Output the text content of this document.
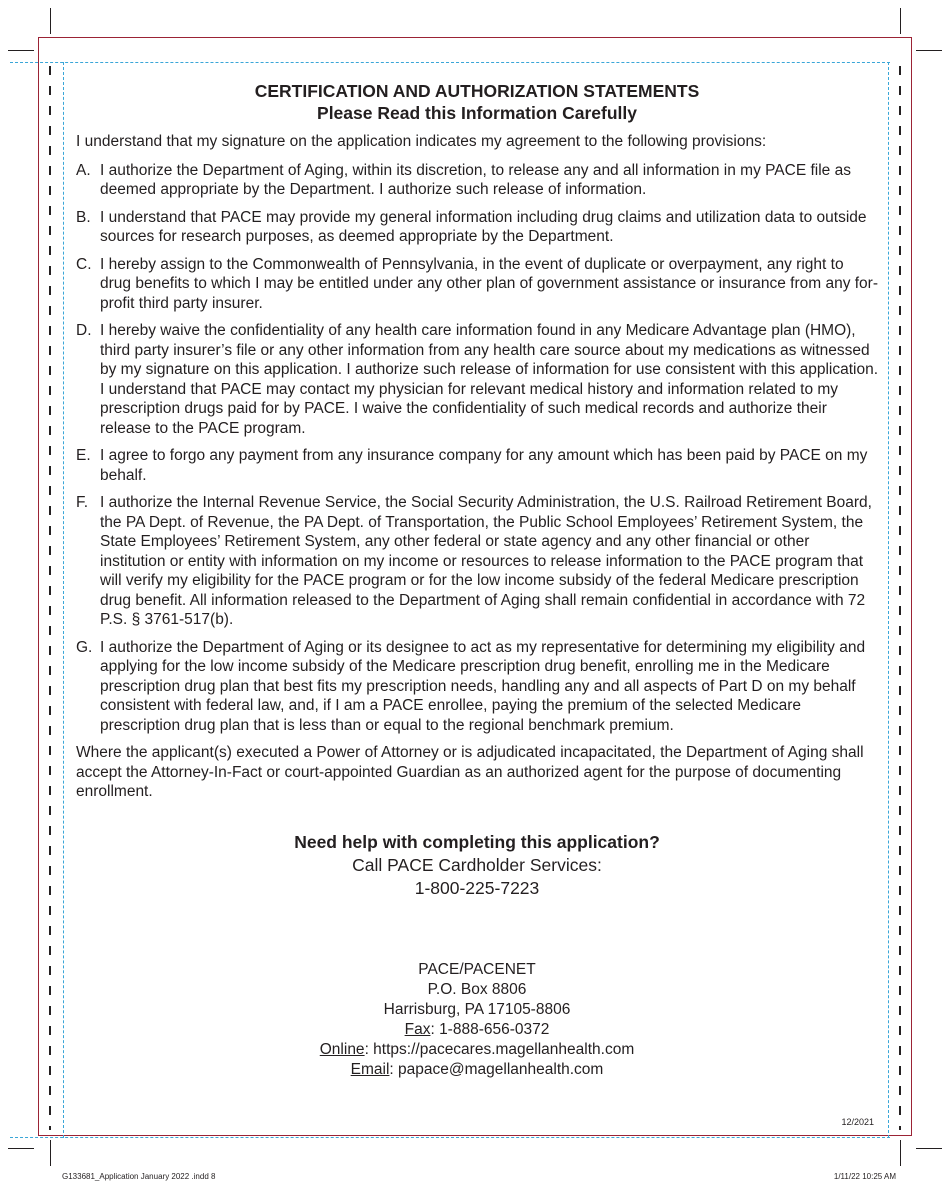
CERTIFICATION AND AUTHORIZATION STATEMENTS
Please Read this Information Carefully

I understand that my signature on the application indicates my agreement to the following provisions:

A. I authorize the Department of Aging, within its discretion, to release any and all information in my PACE file as deemed appropriate by the Department. I authorize such release of information.
B. I understand that PACE may provide my general information including drug claims and utilization data to outside sources for research purposes, as deemed appropriate by the Department.
C. I hereby assign to the Commonwealth of Pennsylvania, in the event of duplicate or overpayment, any right to drug benefits to which I may be entitled under any other plan of government assistance or insurance from any for-profit third party insurer.
D. I hereby waive the confidentiality of any health care information found in any Medicare Advantage plan (HMO), third party insurer’s file or any other information from any health care source about my medications as witnessed by my signature on this application. I authorize such release of information for use consistent with this application. I understand that PACE may contact my physician for relevant medical history and information related to my prescription drugs paid for by PACE. I waive the confidentiality of such medical records and authorize their release to the PACE program.
E. I agree to forgo any payment from any insurance company for any amount which has been paid by PACE on my behalf.
F. I authorize the Internal Revenue Service, the Social Security Administration, the U.S. Railroad Retirement Board, the PA Dept. of Revenue, the PA Dept. of Transportation, the Public School Employees’ Retirement System, the State Employees’ Retirement System, any other federal or state agency and any other financial or other institution or entity with information on my income or resources to release information to the PACE program that will verify my eligibility for the PACE program or for the low income subsidy of the federal Medicare prescription drug benefit. All information released to the Department of Aging shall remain confidential in accordance with 72 P.S. § 3761-517(b).
G. I authorize the Department of Aging or its designee to act as my representative for determining my eligibility and applying for the low income subsidy of the Medicare prescription drug benefit, enrolling me in the Medicare prescription drug plan that best fits my prescription needs, handling any and all aspects of Part D on my behalf consistent with federal law, and, if I am a PACE enrollee, paying the premium of the selected Medicare prescription drug plan that is less than or equal to the regional benchmark premium.

Where the applicant(s) executed a Power of Attorney or is adjudicated incapacitated, the Department of Aging shall accept the Attorney-In-Fact or court-appointed Guardian as an authorized agent for the purpose of documenting enrollment.

Need help with completing this application?
Call PACE Cardholder Services:
1-800-225-7223
PACE/PACENET
P.O. Box 8806
Harrisburg, PA 17105-8806
Fax: 1-888-656-0372
Online: https://pacecares.magellanhealth.com
Email: papace@magellanhealth.com
12/2021
G133681_Application January 2022 .indd 8	1/11/22 10:25 AM
